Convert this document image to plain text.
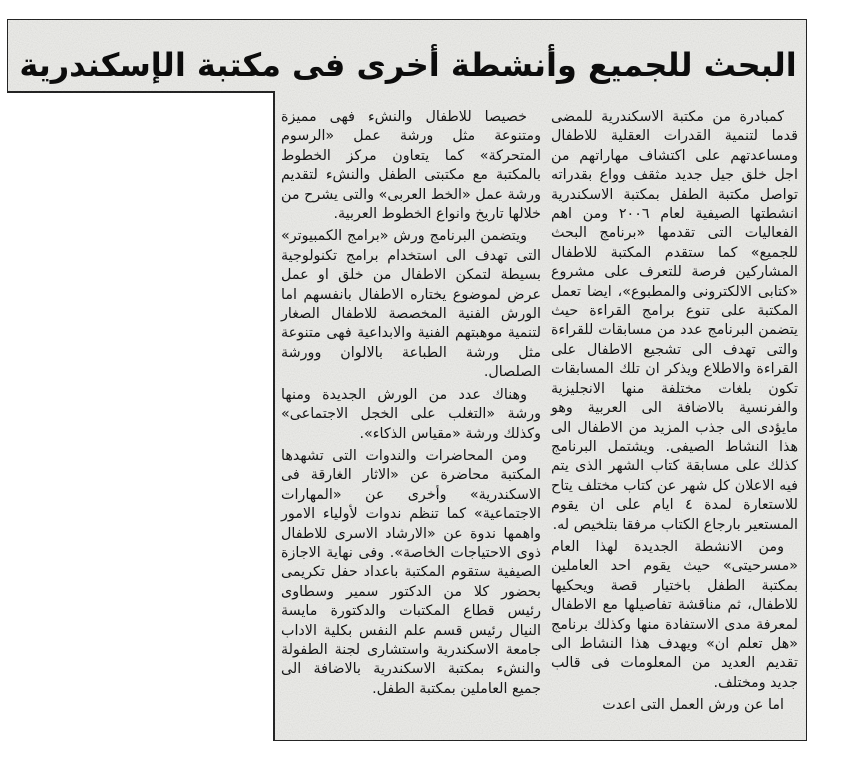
البحث للجميع وأنشطة أخرى فى مكتبة الإسكندرية

كمبادرة من مكتبة الاسكندرية للمضى قدما لتنمية القدرات العقلية للاطفال ومساعدتهم على اكتشاف مهاراتهم من اجل خلق جيل جديد مثقف وواع بقدراته تواصل مكتبة الطفل بمكتبة الاسكندرية انشطتها الصيفية لعام ٢٠٠٦ ومن اهم الفعاليات التى تقدمها «برنامج البحث للجميع» كما ستقدم المكتبة للاطفال المشاركين فرصة للتعرف على مشروع «كتابى الالكترونى والمطبوع»، ايضا تعمل المكتبة على تنوع برامج القراءة حيث يتضمن البرنامج عدد من مسابقات للقراءة والتى تهدف الى تشجيع الاطفال على القراءة والاطلاع ويذكر ان تلك المسابقات تكون بلغات مختلفة منها الانجليزية والفرنسية بالاضافة الى العربية وهو مايؤدى الى جذب المزيد من الاطفال الى هذا النشاط الصيفى. ويشتمل البرنامج كذلك على مسابقة كتاب الشهر الذى يتم فيه الاعلان كل شهر عن كتاب مختلف يتاح للاستعارة لمدة ٤ ايام على ان يقوم المستعير بارجاع الكتاب مرفقا بتلخيص له.

ومن الانشطة الجديدة لهذا العام «مسرحيتى» حيث يقوم احد العاملين بمكتبة الطفل باختيار قصة ويحكيها للاطفال، ثم مناقشة تفاصيلها مع الاطفال لمعرفة مدى الاستفادة منها وكذلك برنامج «هل تعلم ان» ويهدف هذا النشاط الى تقديم العديد من المعلومات فى قالب جديد ومختلف.

اما عن ورش العمل التى اعدت

خصيصا للاطفال والنشء فهى مميزة ومتنوعة مثل ورشة عمل «الرسوم المتحركة» كما يتعاون مركز الخطوط بالمكتبة مع مكتبتى الطفل والنشء لتقديم ورشة عمل «الخط العربى» والتى يشرح من خلالها تاريخ وانواع الخطوط العربية.

ويتضمن البرنامج ورش «برامج الكمبيوتر» التى تهدف الى استخدام برامج تكنولوجية بسيطة لتمكن الاطفال من خلق او عمل عرض لموضوع يختاره الاطفال بانفسهم اما الورش الفنية المخصصة للاطفال الصغار لتنمية موهبتهم الفنية والابداعية فهى متنوعة مثل ورشة الطباعة بالالوان وورشة الصلصال.

وهناك عدد من الورش الجديدة ومنها ورشة «التغلب على الخجل الاجتماعى» وكذلك ورشة «مقياس الذكاء».

ومن المحاضرات والندوات التى تشهدها المكتبة محاضرة عن «الاثار الغارقة فى الاسكندرية» وأخرى عن «المهارات الاجتماعية» كما تنظم ندوات لأولياء الامور واهمها ندوة عن «الارشاد الاسرى للاطفال ذوى الاحتياجات الخاصة». وفى نهاية الاجازة الصيفية ستقوم المكتبة باعداد حفل تكريمى بحضور كلا من الدكتور سمير وسطاوى رئيس قطاع المكتبات والدكتورة مايسة النيال رئيس قسم علم النفس بكلية الاداب جامعة الاسكندرية واستشارى لجنة الطفولة والنشء بمكتبة الاسكندرية بالاضافة الى جميع العاملين بمكتبة الطفل.
